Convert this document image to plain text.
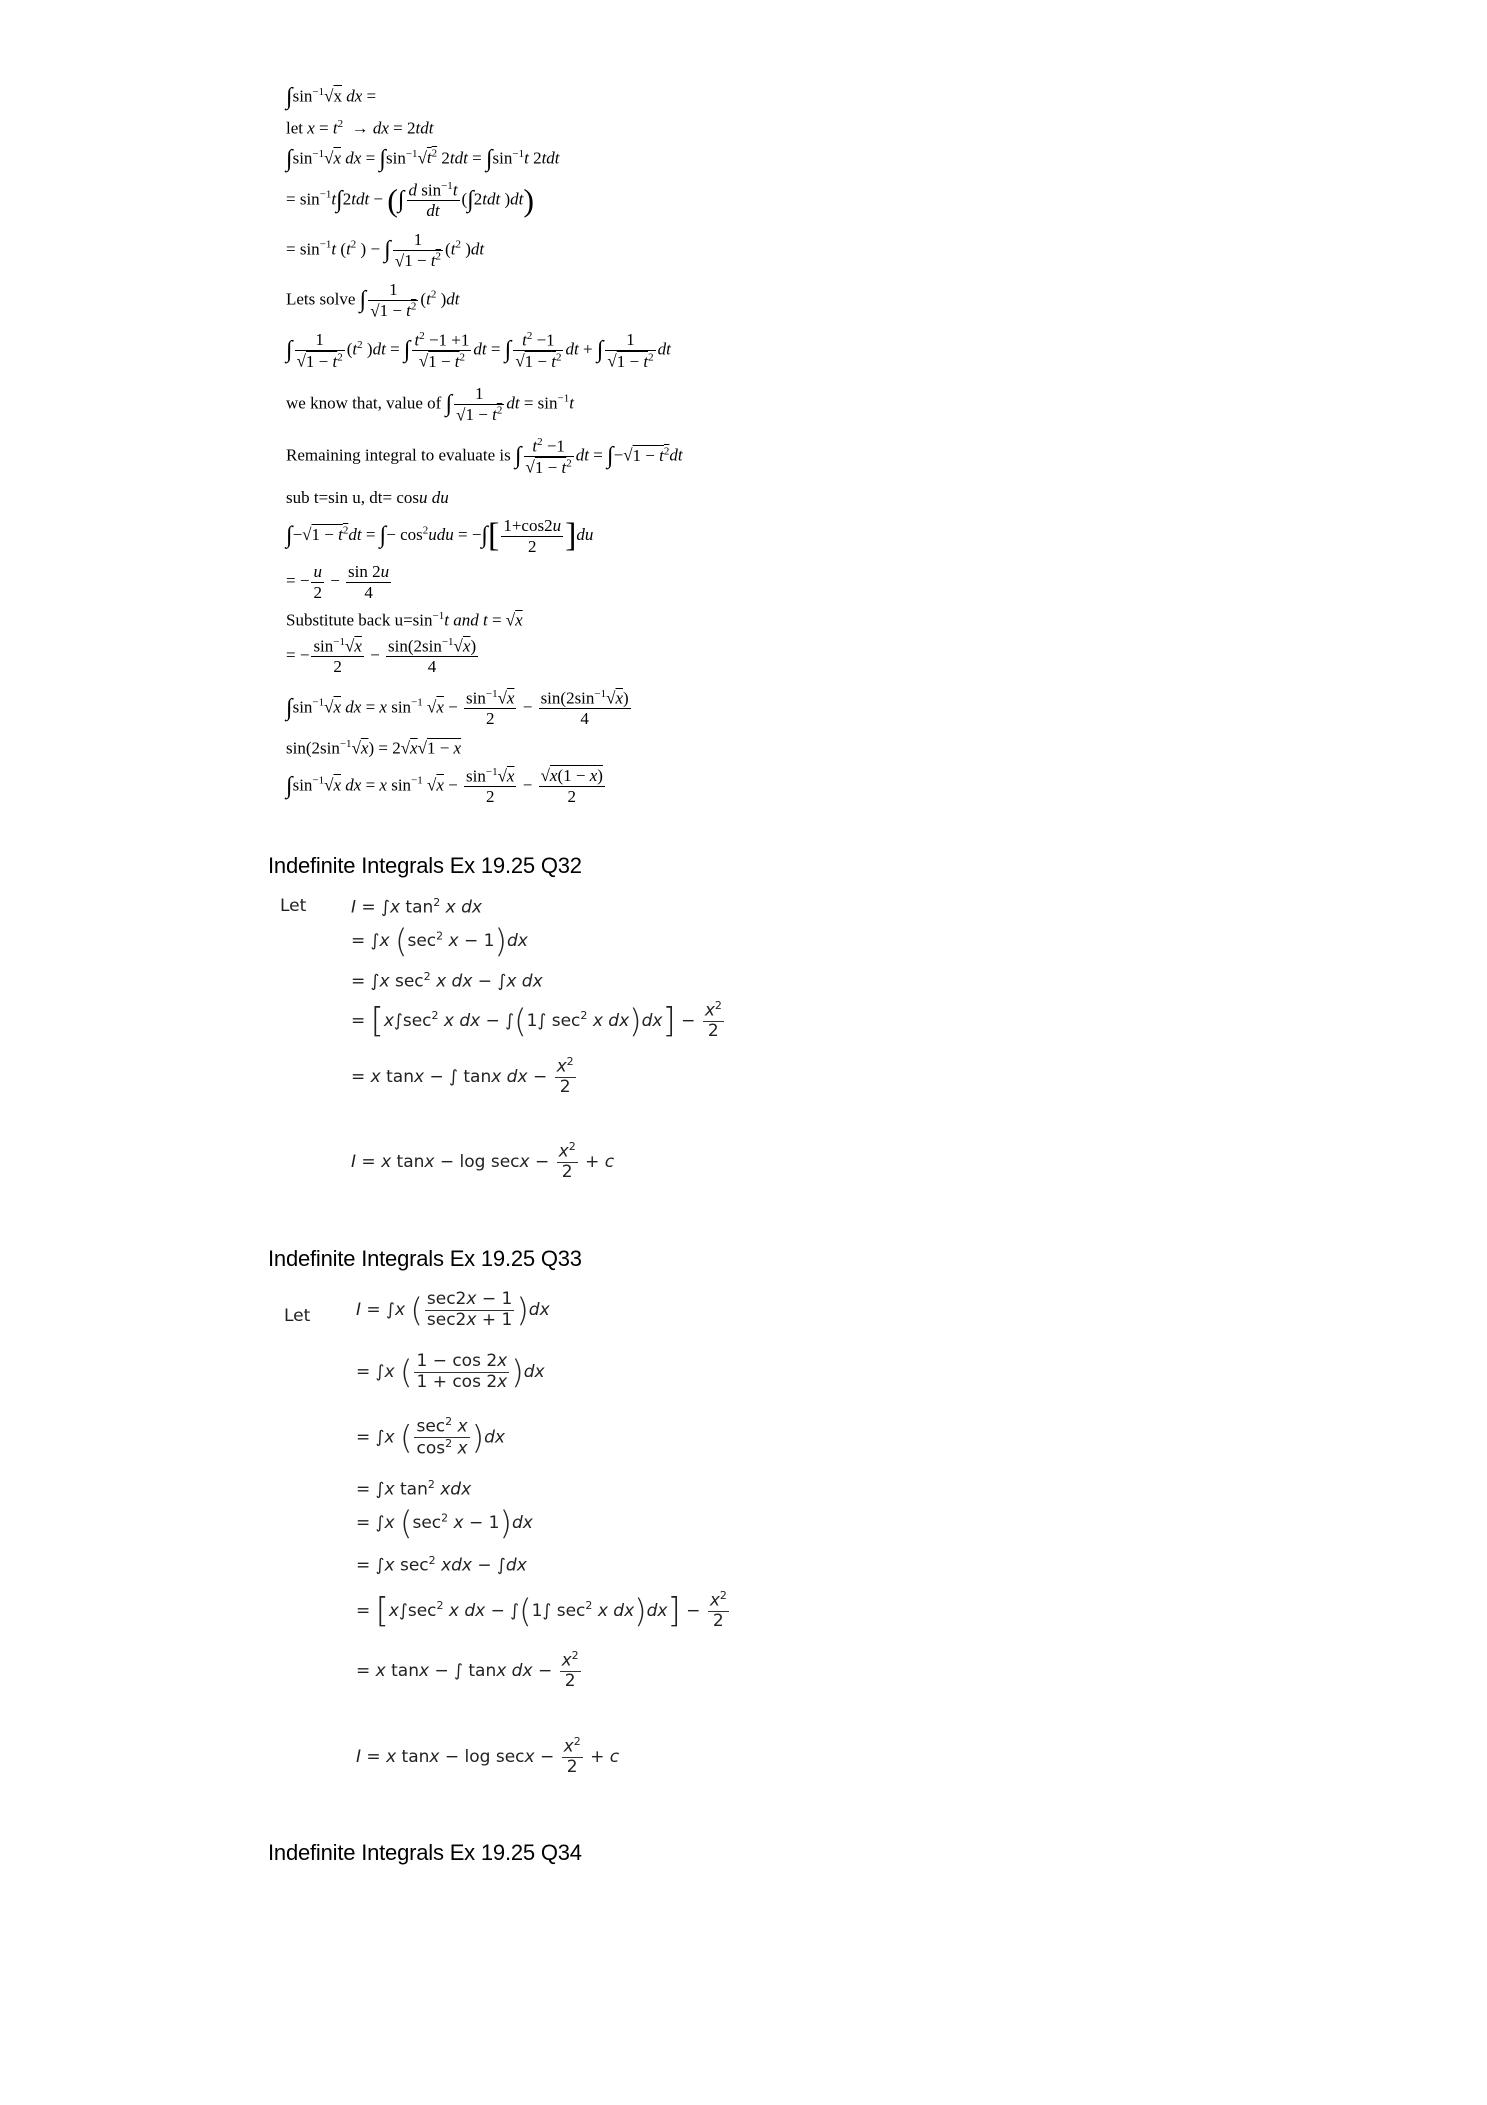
$\int\sin^{-1}√x$ dx =
let $x = t^2$  → dx = 2tdt
$\int\sin^{-1}√x$ dx = $\int\sin^{-1}√t^2$ $2tdt = \int\sin^{-1}t$ 2tdt
= $\sin^{-1}t\int 2tdt$ − (∫ $\frac{d \sin^{-1}t}{dt} (\int 2tdt$ )dt)
= $\sin^{-1}t$ ($t^2$ ) − ∫ $\frac{1}{√1 - t^2} (t^2$ )dt
Lets solve ∫ $\frac{1}{√1 - t^2} (t^2$ )dt
∫ $\frac{1}{√1 - t^2} (t^2$ )dt = ∫ $\frac{t^2 -1 +1}{√1 - t^2}$ dt = ∫ $\frac{t^2 -1}{√1 - t^2}$ dt + ∫ $\frac{1}{√1 - t^2}$ dt
we know that, value of ∫ $\frac{1}{√1 - t^2}$ dt = $\sin^{-1}t$
Remaining integral to evaluate is ∫ $\frac{t^2 -1}{√1 - t^2}$ dt = $\int-√1 - t^2dt$
sub t=sin u, dt= cosu du
$\int-√1 - t^2dt$ = ∫− $\cos^2udu$ = −∫[ $\frac{1+\cos 2u}{2} ]du$
= − $\frac{u}{2} - \frac{\sin 2u}{4}$
Substitute back $u=\sin^{-1}t$ and t = √x
= − $\frac{\sin^{-1}√x}{2} - \frac{\sin(2\sin^{-1}√x)}{4}$
$\int\sin^{-1}√x$ dx = x $\sin^{-1} √x - \frac{\sin^{-1}√x}{2} - \frac{\sin(2\sin^{-1}√x)}{4}$
$\sin(2\sin^{-1}√x) = 2√x√1 - x$
$\int\sin^{-1}√x$ dx = x $\sin^{-1} √x - \frac{\sin^{-1}√x}{2} - \frac{√x(1 - x)}{2}$
Indefinite Integrals Ex 19.25 Q32
Let	I = ∫x $\tan^2 x$ dx
= ∫x ($\sec^2$ x − 1)dx
= ∫x $\sec^2 x$ dx − ∫x dx
= [$x\int\sec^2$ x dx − ∫(1∫ $\sec^2 x$ $dx)dx] - \frac{x^2}{2}$
= x tanx − ∫ tanx dx − $\frac{x^2}{2}$
I = x $\tan x - \log \sec x - \frac{x^2}{2} + c$
Indefinite Integrals Ex 19.25 Q33
Let	I = ∫x ( $\frac{\sec 2x - 1}{\sec 2x + 1} )dx$
= ∫x ( $\frac{1 - \cos 2x}{1 + \cos 2x} )dx$
= ∫x ( $\frac{\sec^2 x}{\cos^2 x} )dx$
= ∫x $\tan^2$ xdx
= ∫x ($\sec^2$ x − 1)dx
= ∫x $\sec^2$ xdx − ∫dx
= [$x\int\sec^2$ x dx − ∫(1∫ $\sec^2 x$ $dx)dx] - \frac{x^2}{2}$
= x tanx − ∫ tanx dx − $\frac{x^2}{2}$
I = x $\tan x - \log \sec x - \frac{x^2}{2} + c$
Indefinite Integrals Ex 19.25 Q34
